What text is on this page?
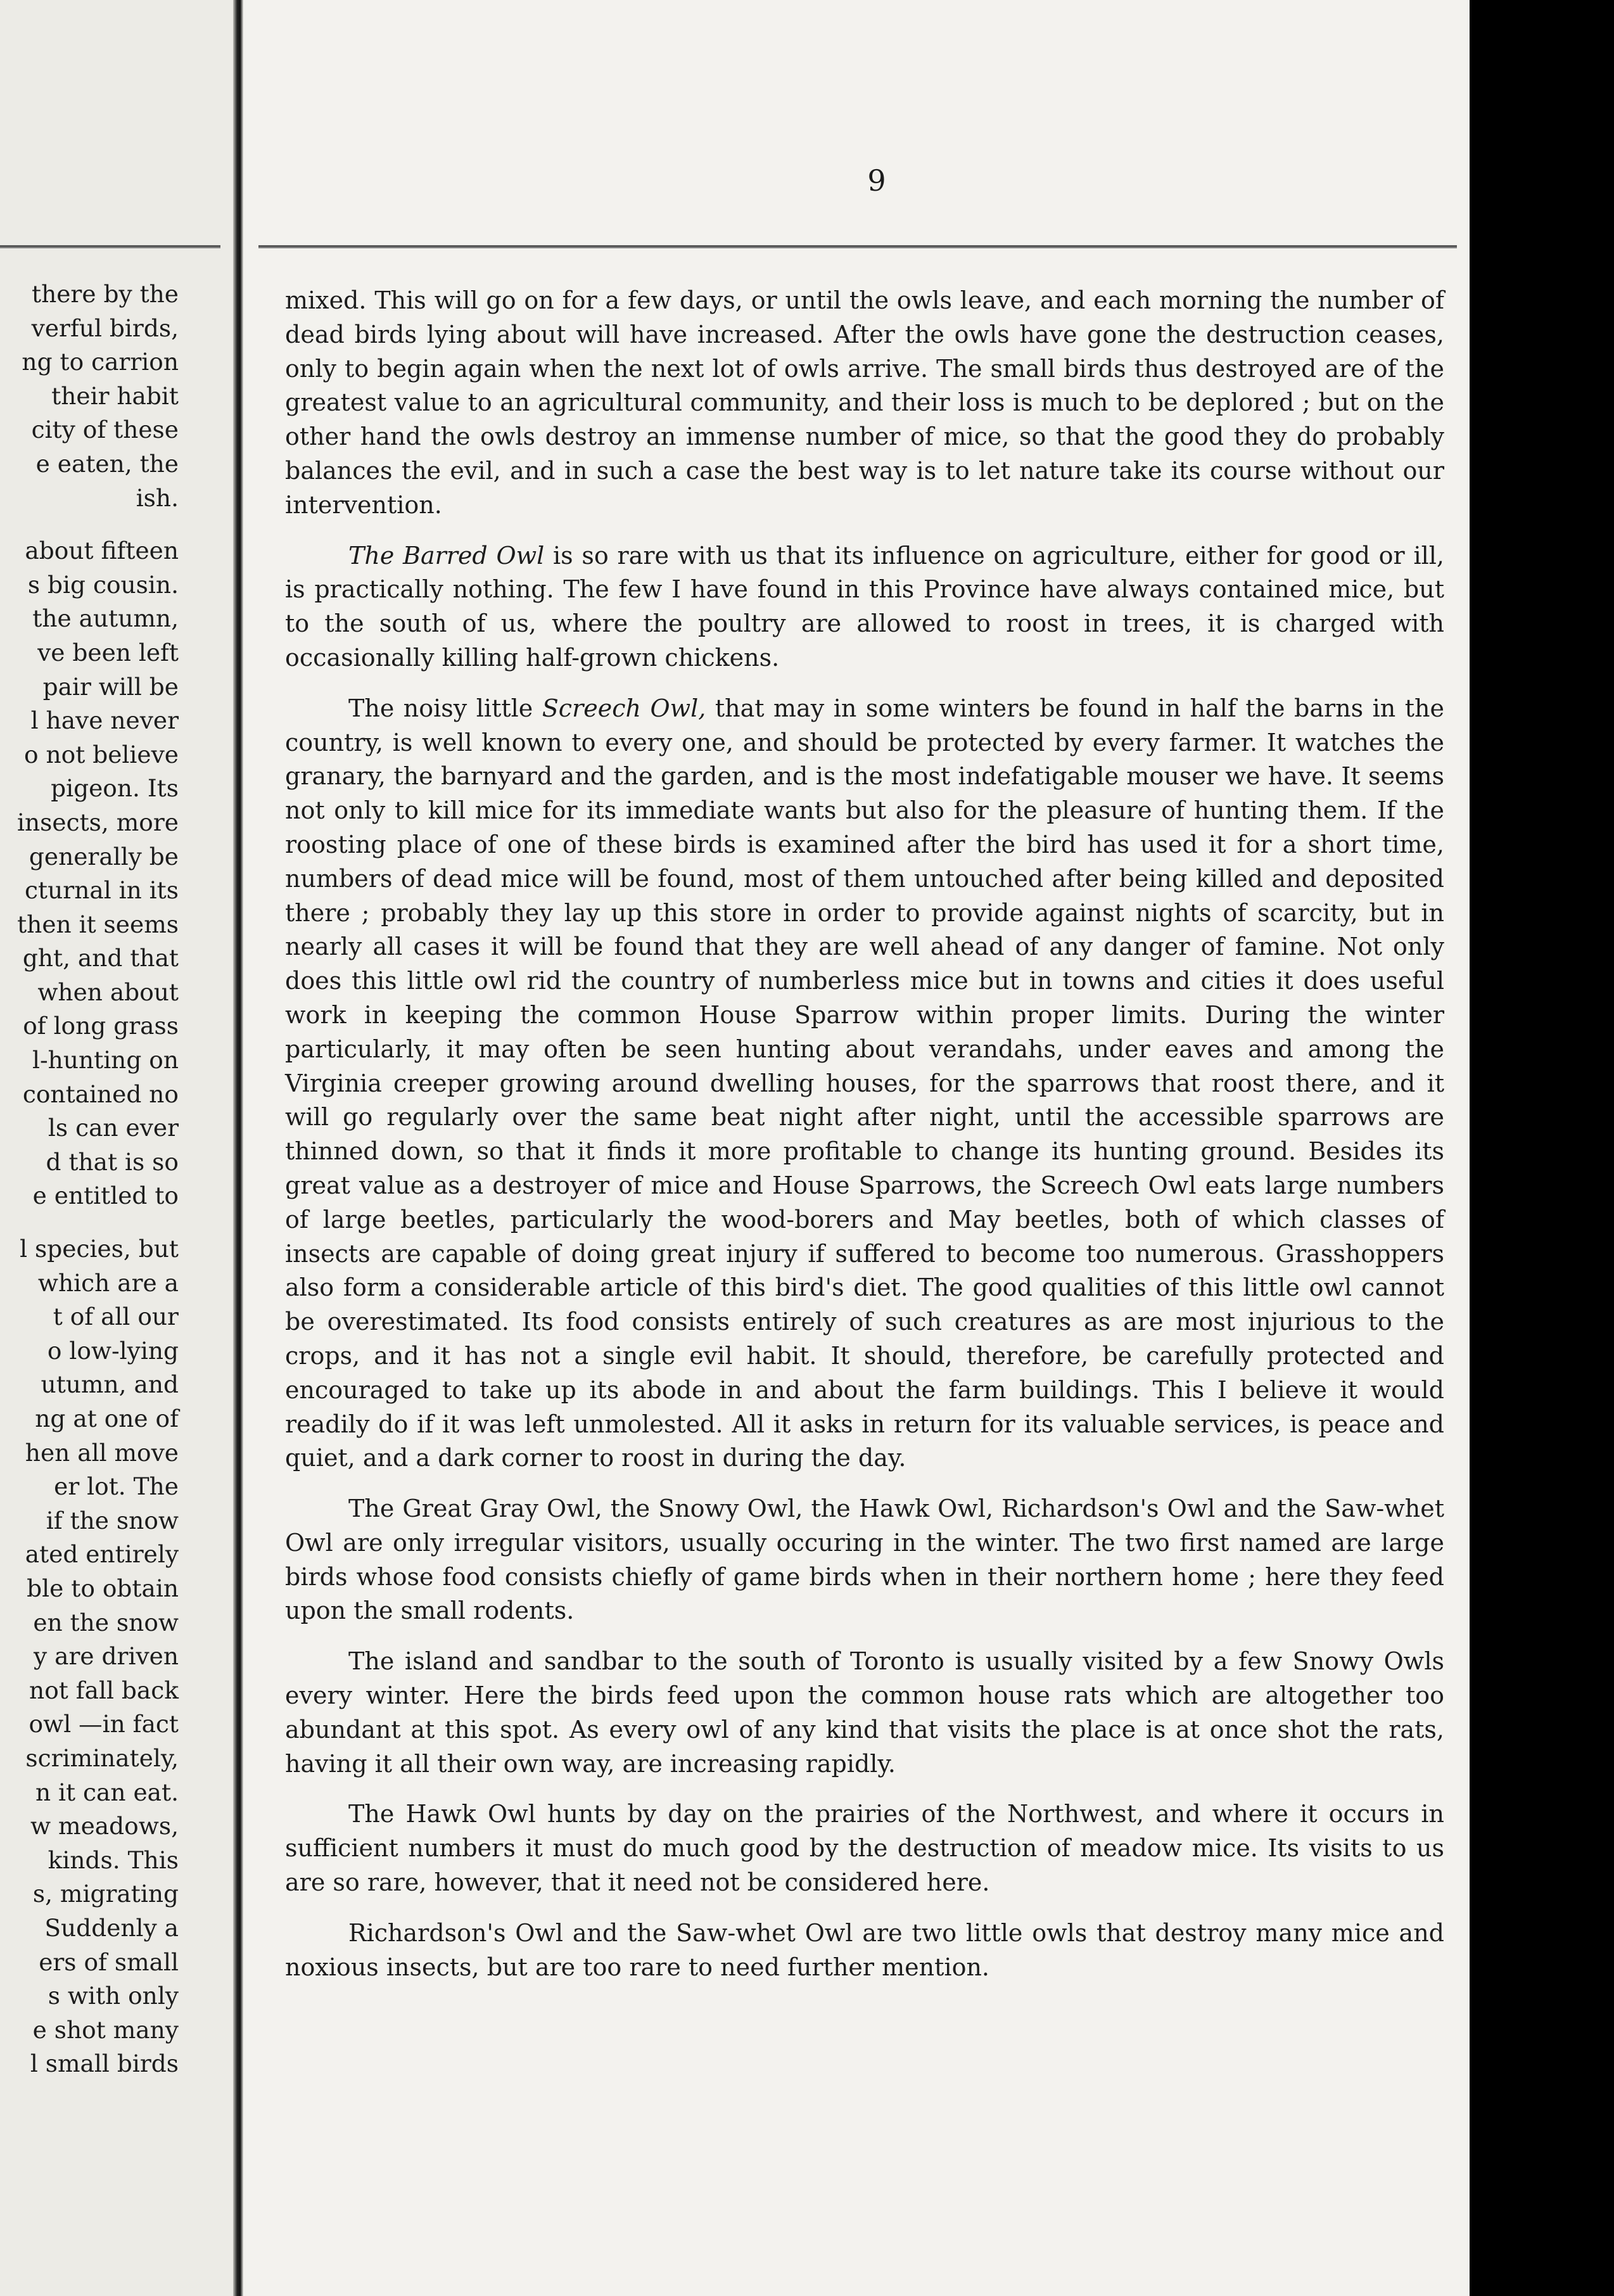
there by the
verful birds,
ng to carrion
their habit
city of these
e eaten, the
ish.
about fifteen
s big cousin.
the autumn,
ve been left
pair will be
l have never
o not believe
pigeon. Its
insects, more
generally be
cturnal in its
then it seems
ght, and that
when about
of long grass
l-hunting on
contained no
ls can ever
d that is so
e entitled to
l species, but
which are a
t of all our
o low-lying
utumn, and
ng at one of
hen all move
er lot. The
if the snow
ated entirely
ble to obtain
en the snow
y are driven
not fall back
owl —in fact
scriminately,
n it can eat.
w meadows,
kinds. This
s, migrating
Suddenly a
ers of small
s with only
e shot many
l small birds
9

mixed. This will go on for a few days, or until the owls leave, and each morning the number of dead birds lying about will have increased. After the owls have gone the destruction ceases, only to begin again when the next lot of owls arrive. The small birds thus destroyed are of the greatest value to an agricultural community, and their loss is much to be deplored ; but on the other hand the owls destroy an immense number of mice, so that the good they do probably balances the evil, and in such a case the best way is to let nature take its course without our intervention.

The Barred Owl is so rare with us that its influence on agriculture, either for good or ill, is practically nothing. The few I have found in this Province have always contained mice, but to the south of us, where the poultry are allowed to roost in trees, it is charged with occasionally killing half-grown chickens.

The noisy little Screech Owl, that may in some winters be found in half the barns in the country, is well known to every one, and should be protected by every farmer. It watches the granary, the barnyard and the garden, and is the most indefatigable mouser we have. It seems not only to kill mice for its immediate wants but also for the pleasure of hunting them. If the roosting place of one of these birds is examined after the bird has used it for a short time, numbers of dead mice will be found, most of them untouched after being killed and deposited there ; probably they lay up this store in order to provide against nights of scarcity, but in nearly all cases it will be found that they are well ahead of any danger of famine. Not only does this little owl rid the country of numberless mice but in towns and cities it does useful work in keeping the common House Sparrow within proper limits. During the winter particularly, it may often be seen hunting about verandahs, under eaves and among the Virginia creeper growing around dwelling houses, for the sparrows that roost there, and it will go regularly over the same beat night after night, until the accessible sparrows are thinned down, so that it finds it more profitable to change its hunting ground. Besides its great value as a destroyer of mice and House Sparrows, the Screech Owl eats large numbers of large beetles, particularly the wood-borers and May beetles, both of which classes of insects are capable of doing great injury if suffered to become too numerous. Grasshoppers also form a considerable article of this bird's diet. The good qualities of this little owl cannot be overestimated. Its food consists entirely of such creatures as are most injurious to the crops, and it has not a single evil habit. It should, therefore, be carefully protected and encouraged to take up its abode in and about the farm buildings. This I believe it would readily do if it was left unmolested. All it asks in return for its valuable services, is peace and quiet, and a dark corner to roost in during the day.

The Great Gray Owl, the Snowy Owl, the Hawk Owl, Richardson's Owl and the Saw-whet Owl are only irregular visitors, usually occuring in the winter. The two first named are large birds whose food consists chiefly of game birds when in their northern home ; here they feed upon the small rodents.

The island and sandbar to the south of Toronto is usually visited by a few Snowy Owls every winter. Here the birds feed upon the common house rats which are altogether too abundant at this spot. As every owl of any kind that visits the place is at once shot the rats, having it all their own way, are increasing rapidly.

The Hawk Owl hunts by day on the prairies of the Northwest, and where it occurs in sufficient numbers it must do much good by the destruction of meadow mice. Its visits to us are so rare, however, that it need not be considered here.

Richardson's Owl and the Saw-whet Owl are two little owls that destroy many mice and noxious insects, but are too rare to need further mention.
